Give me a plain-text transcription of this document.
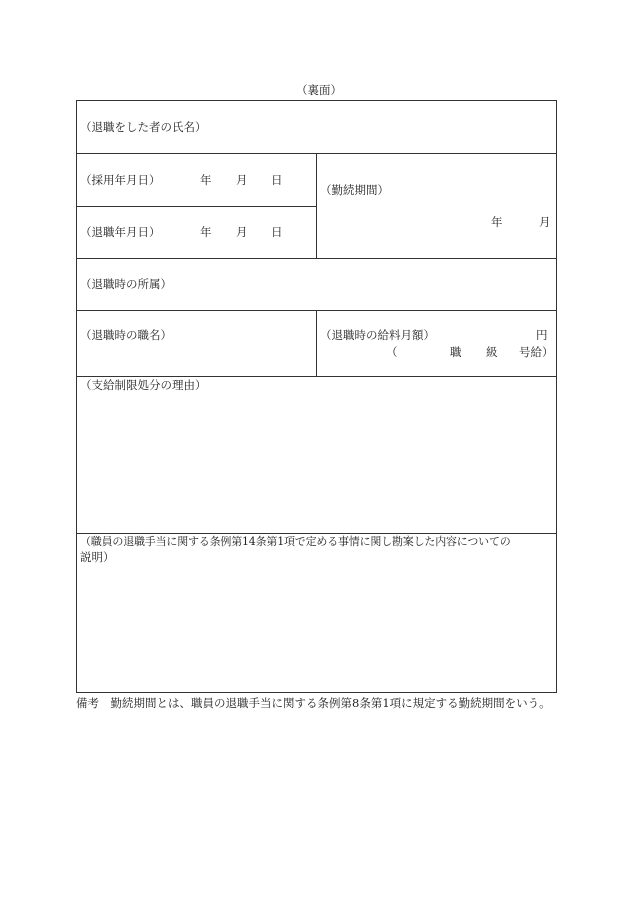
（裏面）
（退職をした者の氏名）
（採用年月日）	年 月 日
（退職年月日）	年 月 日
（勤続期間）
年	月
（退職時の所属）
（退職時の職名）	（退職時の給料月額）	円
（	職 級 号給）
（支給制限処分の理由）
（職員の退職手当に関する条例第14条第1項で定める事情に関し勘案した内容についての
説明）
備考　勤続期間とは、職員の退職手当に関する条例第8条第1項に規定する勤続期間をいう。
